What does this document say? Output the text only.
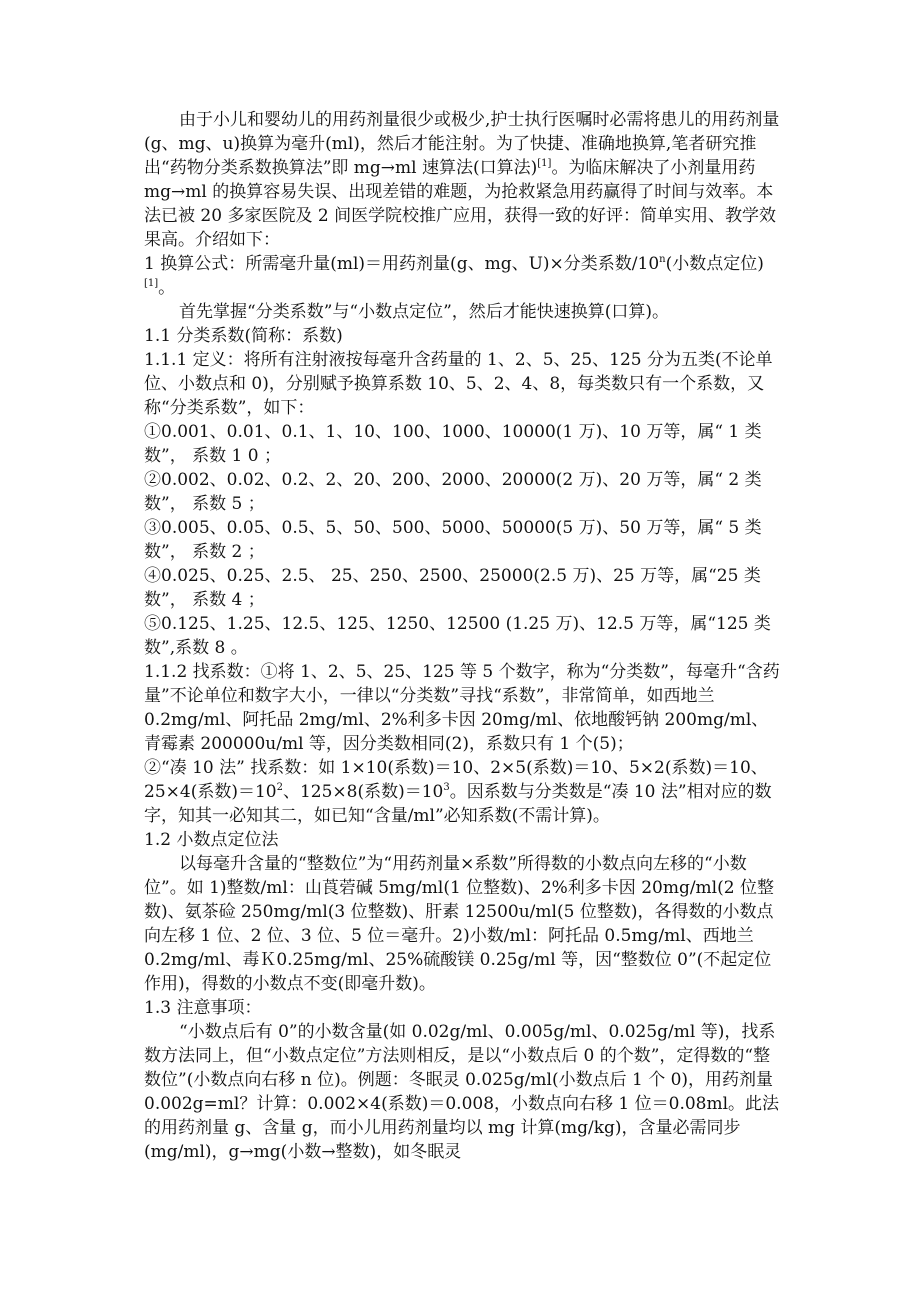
由于小儿和婴幼儿的用药剂量很少或极少,护士执行医嘱时必需将患儿的用药剂量(g、mg、u)换算为毫升(ml)，然后才能注射。为了快捷、准确地换算,笔者研究推出“药物分类系数换算法”即 mg→ml 速算法(口算法)[1]。为临床解决了小剂量用药 mg→ml 的换算容易失误、出现差错的难题，为抢救紧急用药赢得了时间与效率。本法已被 20 多家医院及 2 间医学院校推广应用，获得一致的好评：简单实用、教学效果高。介绍如下：

1 换算公式：所需毫升量(ml)＝用药剂量(g、mg、U)×分类系数/10$^n$(小数点定位)[1]。

首先掌握“分类系数”与“小数点定位”，然后才能快速换算(口算)。

1.1 分类系数(简称：系数)

1.1.1 定义：将所有注射液按每毫升含药量的 1、2、5、25、125 分为五类(不论单位、小数点和 0)，分别赋予换算系数 10、5、2、4、8，每类数只有一个系数，又称“分类系数”，如下：

①0.001、0.01、0.1、1、10、100、1000、10000(1 万)、10 万等，属“ 1 类
数”， 系数 1 0 ；

②0.002、0.02、0.2、2、20、200、2000、20000(2 万)、20 万等，属“ 2 类
数”， 系数 5 ；

③0.005、0.05、0.5、5、50、500、5000、50000(5 万)、50 万等，属“ 5 类
数”， 系数 2 ；

④0.025、0.25、2.5、 25、250、2500、25000(2.5 万)、25 万等，属“25 类
数”， 系数 4 ；

⑤0.125、1.25、12.5、125、1250、12500 (1.25 万)、12.5 万等，属“125 类
数”,系数 8 。

1.1.2 找系数：①将 1、2、5、25、125 等 5 个数字，称为“分类数”，每毫升“含药量”不论单位和数字大小，一律以“分类数”寻找“系数”，非常简单，如西地兰 0.2mg/ml、阿托品 2mg/ml、2%利多卡因 20mg/ml、依地酸钙钠 200mg/ml、青霉素 200000u/ml 等，因分类数相同(2)，系数只有 1 个(5)；

②“凑 10 法” 找系数：如 1×10(系数)＝10、2×5(系数)＝10、5×2(系数)＝10、25×4(系数)$=10^2$、125×8(系数)$=10^3$。因系数与分类数是“凑 10 法”相对应的数字，知其一必知其二，如已知“含量/ml”必知系数(不需计算)。

1.2 小数点定位法

以每毫升含量的“整数位”为“用药剂量×系数”所得数的小数点向左移的“小数位”。如 1)整数/ml：山莨菪碱 5mg/ml(1 位整数)、2%利多卡因 20mg/ml(2 位整数)、氨茶硷 250mg/ml(3 位整数)、肝素 12500u/ml(5 位整数)，各得数的小数点向左移 1 位、2 位、3 位、5 位＝毫升。2)小数/ml：阿托品 0.5mg/ml、西地兰 0.2mg/ml、毒Ｋ0.25mg/ml、25%硫酸镁 0.25g/ml 等，因“整数位 0”(不起定位作用)，得数的小数点不变(即毫升数)。

1.3 注意事项：

“小数点后有 0”的小数含量(如 0.02g/ml、0.005g/ml、0.025g/ml 等)，找系数方法同上，但“小数点定位”方法则相反，是以“小数点后 0 的个数”，定得数的“整数位”(小数点向右移 n 位)。例题：冬眠灵 0.025g/ml(小数点后 1 个 0)，用药剂量 0.002g=ml？计算：0.002×4(系数)＝0.008，小数点向右移 1 位＝0.08ml。此法的用药剂量 g、含量 g，而小儿用药剂量均以 mg 计算(mg/kg)，含量必需同步(mg/ml)，g→mg(小数→整数)，如冬眠灵
